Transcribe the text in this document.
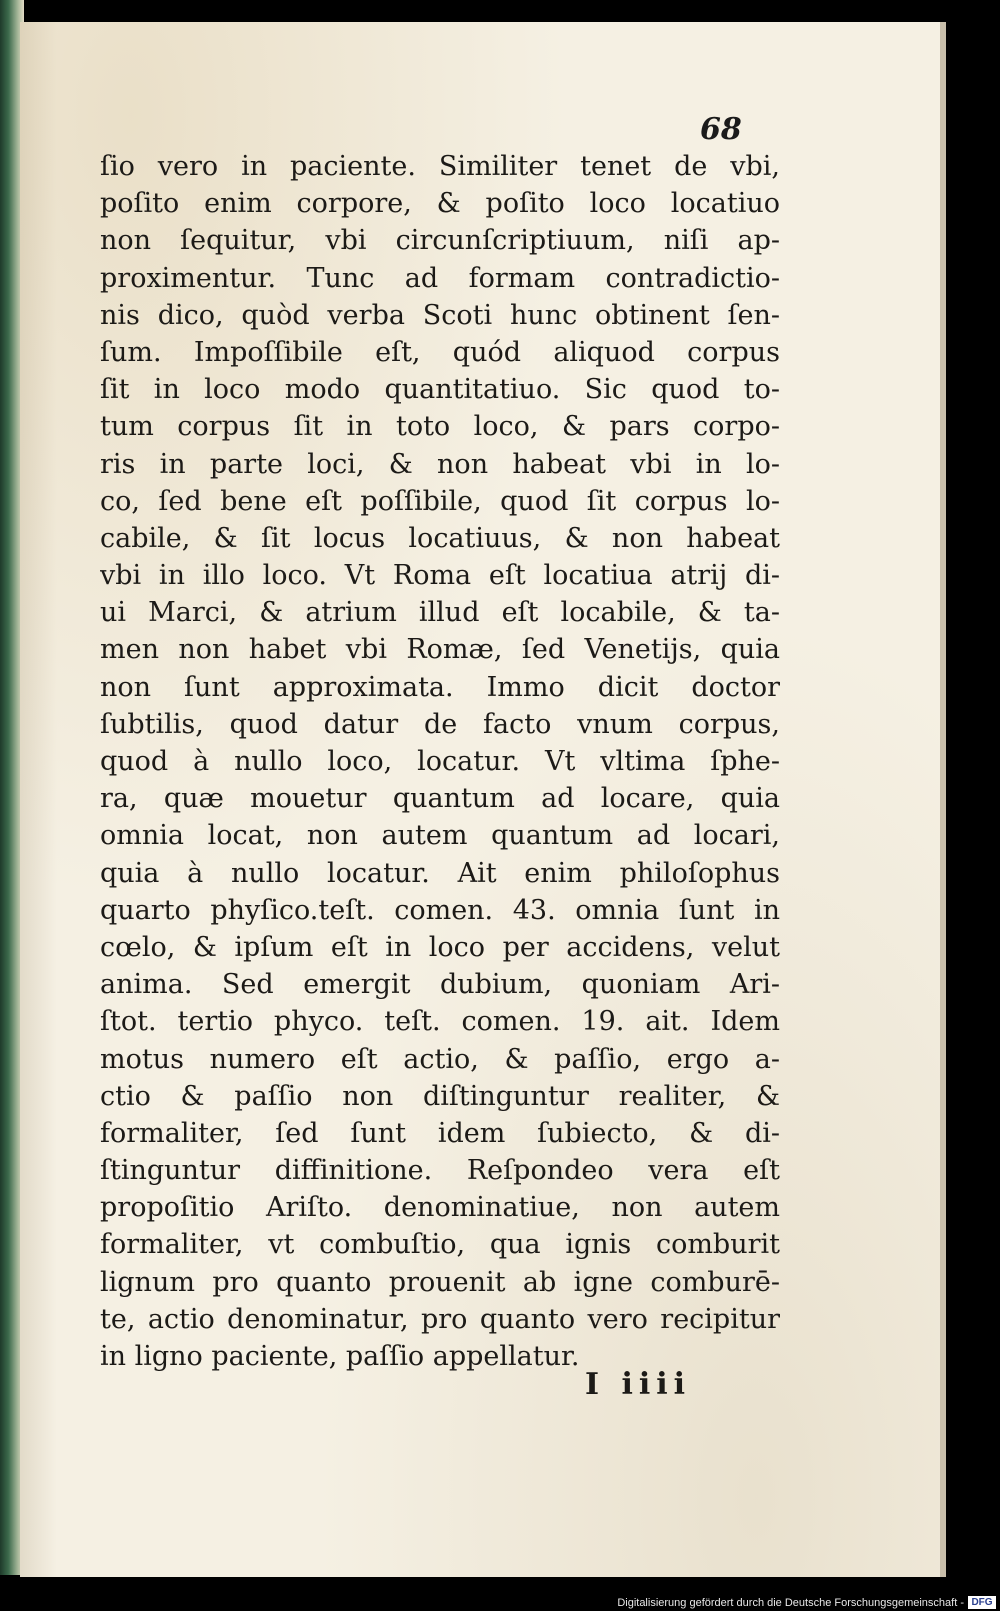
68
ſio vero in paciente. Similiter tenet de vbi,
poſito enim corpore, & poſito loco locatiuo
non ſequitur, vbi circunſcriptiuum, niſi ap-
proximentur. Tunc ad formam contradictio-
nis dico, quòd verba Scoti hunc obtinent ſen-
ſum. Impoſſibile eſt, quód aliquod corpus
ſit in loco modo quantitatiuo. Sic quod to-
tum corpus ſit in toto loco, & pars corpo-
ris in parte loci, & non habeat vbi in lo-
co, ſed bene eſt poſſibile, quod ſit corpus lo-
cabile, & ſit locus locatiuus, & non habeat
vbi in illo loco. Vt Roma eſt locatiua atrij di-
ui Marci, & atrium illud eſt locabile, & ta-
men non habet vbi Romæ, ſed Venetijs, quia
non ſunt approximata. Immo dicit doctor
ſubtilis, quod datur de facto vnum corpus,
quod à nullo loco, locatur. Vt vltima ſphe-
ra, quæ mouetur quantum ad locare, quia
omnia locat, non autem quantum ad locari,
quia à nullo locatur. Ait enim philoſophus
quarto phyſico.teſt. comen. 43. omnia ſunt in
cœlo, & ipſum eſt in loco per accidens, velut
anima. Sed emergit dubium, quoniam Ari-
ſtot. tertio phyco. teſt. comen. 19. ait. Idem
motus numero eſt actio, & paſſio, ergo a-
ctio & paſſio non diſtinguntur realiter, &
formaliter, ſed ſunt idem ſubiecto, & di-
ſtinguntur diffinitione. Reſpondeo vera eſt
propoſitio Ariſto. denominatiue, non autem
formaliter, vt combuſtio, qua ignis comburit
lignum pro quanto prouenit ab igne comburē-
te, actio denominatur, pro quanto vero recipitur
in ligno paciente, paſſio appellatur.
I iiii
Digitalisierung gefördert durch die Deutsche Forschungsgemeinschaft - DFG
